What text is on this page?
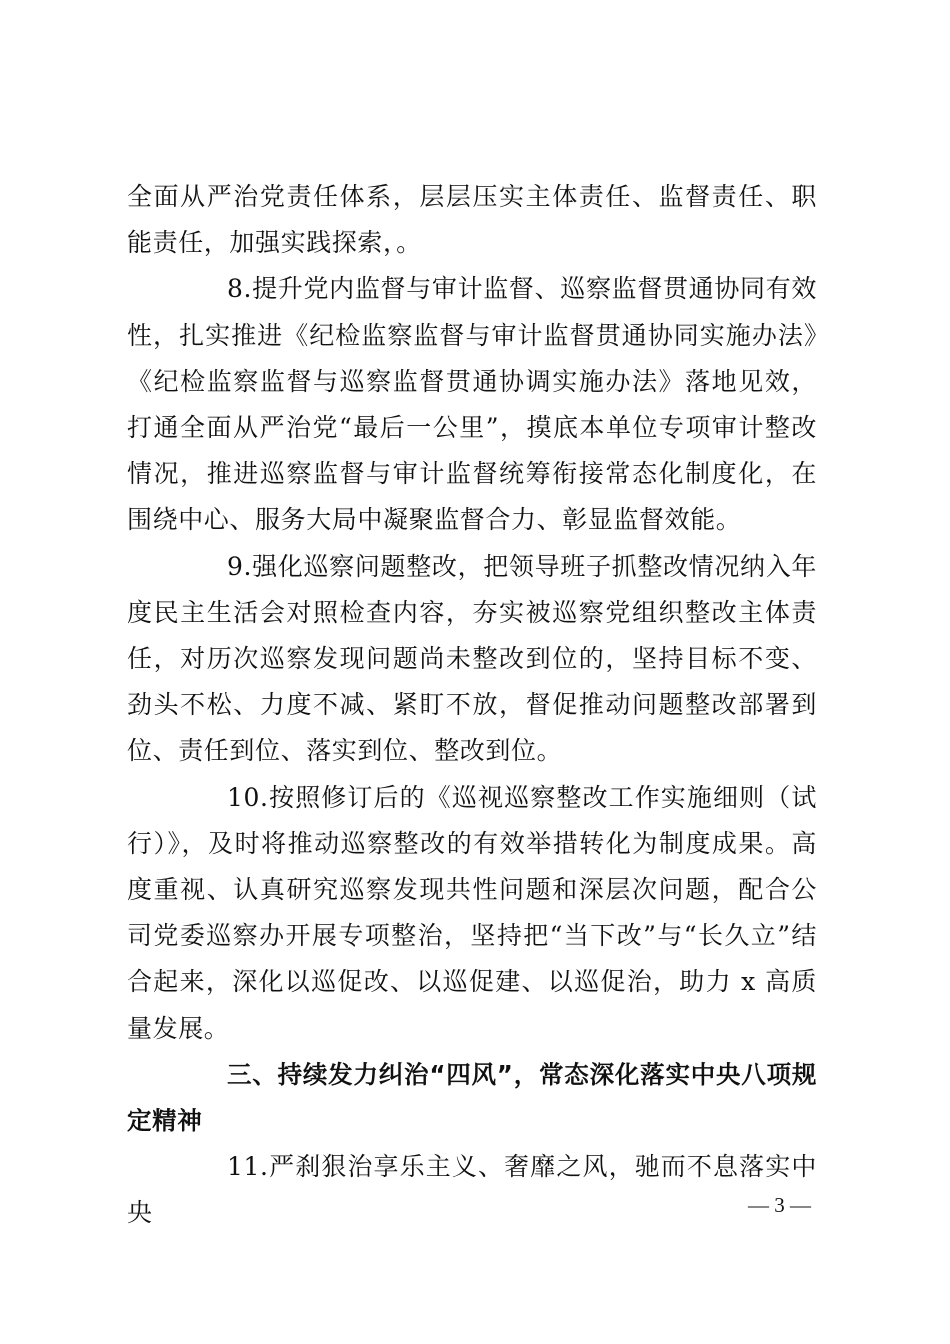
全面从严治党责任体系，层层压实主体责任、监督责任、职能责任，加强实践探索，。

8.提升党内监督与审计监督、巡察监督贯通协同有效性，扎实推进《纪检监察监督与审计监督贯通协同实施办法》《纪检监察监督与巡察监督贯通协调实施办法》落地见效，打通全面从严治党“最后一公里”，摸底本单位专项审计整改情况，推进巡察监督与审计监督统筹衔接常态化制度化，在围绕中心、服务大局中凝聚监督合力、彰显监督效能。

9.强化巡察问题整改，把领导班子抓整改情况纳入年度民主生活会对照检查内容，夯实被巡察党组织整改主体责任，对历次巡察发现问题尚未整改到位的，坚持目标不变、劲头不松、力度不减、紧盯不放，督促推动问题整改部署到位、责任到位、落实到位、整改到位。

10.按照修订后的《巡视巡察整改工作实施细则（试行）》，及时将推动巡察整改的有效举措转化为制度成果。高度重视、认真研究巡察发现共性问题和深层次问题，配合公司党委巡察办开展专项整治，坚持把“当下改”与“长久立”结合起来，深化以巡促改、以巡促建、以巡促治，助力 x 高质量发展。

三、持续发力纠治“四风”，常态深化落实中央八项规定精神

11.严刹狠治享乐主义、奢靡之风，驰而不息落实中央	— 3 —
